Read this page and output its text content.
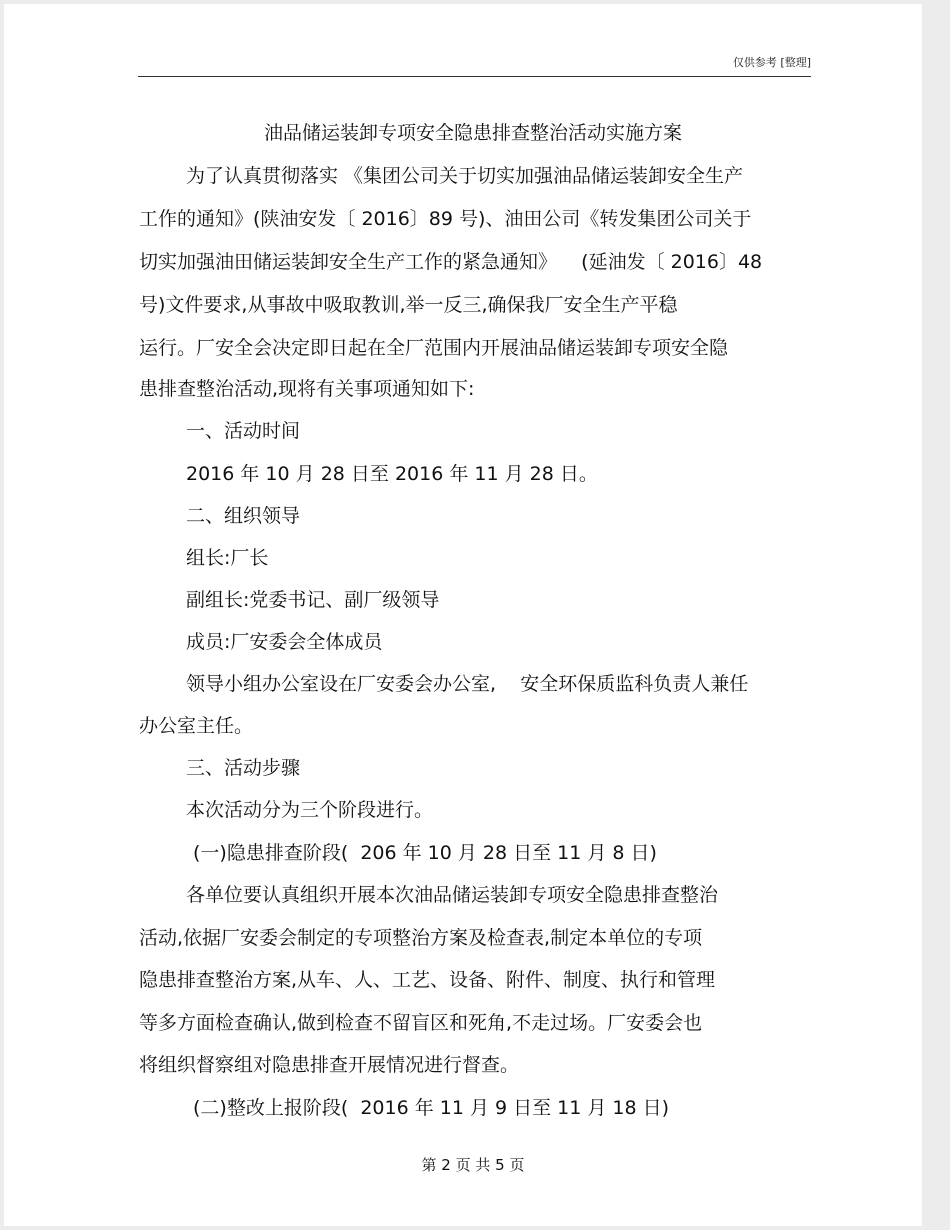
仅供参考 [整理]
油品储运装卸专项安全隐患排查整治活动实施方案
为了认真贯彻落实 《集团公司关于切实加强油品储运装卸安全生产
工作的通知》(陕油安发〔 2016〕89 号)、油田公司《转发集团公司关于
切实加强油田储运装卸安全生产工作的紧急通知》    (延油发〔 2016〕48
号)文件要求,从事故中吸取教训,举一反三,确保我厂安全生产平稳
运行。厂安全会决定即日起在全厂范围内开展油品储运装卸专项安全隐
患排查整治活动,现将有关事项通知如下:
一、活动时间
2016 年 10 月 28 日至 2016 年 11 月 28 日。
二、组织领导
组长:厂长
副组长:党委书记、副厂级领导
成员:厂安委会全体成员
领导小组办公室设在厂安委会办公室,    安全环保质监科负责人兼任
办公室主任。
三、活动步骤
本次活动分为三个阶段进行。
(一)隐患排查阶段(  206 年 10 月 28 日至 11 月 8 日)
各单位要认真组织开展本次油品储运装卸专项安全隐患排查整治
活动,依据厂安委会制定的专项整治方案及检查表,制定本单位的专项
隐患排查整治方案,从车、人、工艺、设备、附件、制度、执行和管理
等多方面检查确认,做到检查不留盲区和死角,不走过场。厂安委会也
将组织督察组对隐患排查开展情况进行督查。
(二)整改上报阶段(  2016 年 11 月 9 日至 11 月 18 日)
第 2 页 共 5 页
